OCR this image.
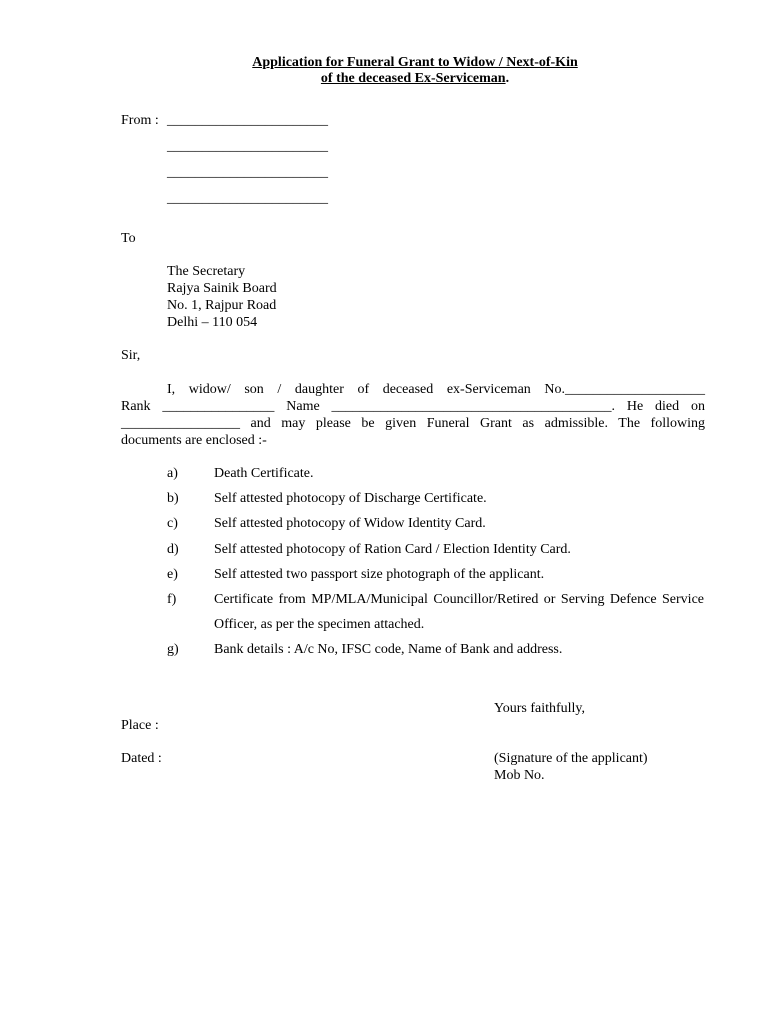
Application for Funeral Grant to Widow / Next-of-Kin
of the deceased Ex-Serviceman.
From : _______________________
_______________________
_______________________
_______________________
To
The Secretary
Rajya Sainik Board
No. 1, Rajpur Road
Delhi – 110 054
Sir,
I, widow/ son / daughter of deceased ex-Serviceman No.____________________
Rank ________________ Name ________________________________________. He died on
_________________ and may please be given Funeral Grant as admissible. The following
documents are enclosed :-
a)	Death Certificate.
b)	Self attested photocopy of Discharge Certificate.
c)	Self attested photocopy of Widow Identity Card.
d)	Self attested photocopy of Ration Card / Election Identity Card.
e)	Self attested two passport size photograph of the applicant.
f)	Certificate from MP/MLA/Municipal Councillor/Retired or Serving Defence Service Officer, as per the specimen attached.
g)	Bank details : A/c No, IFSC code, Name of Bank and address.
Yours faithfully,
Place :
Dated :	(Signature of the applicant)
Mob No.
